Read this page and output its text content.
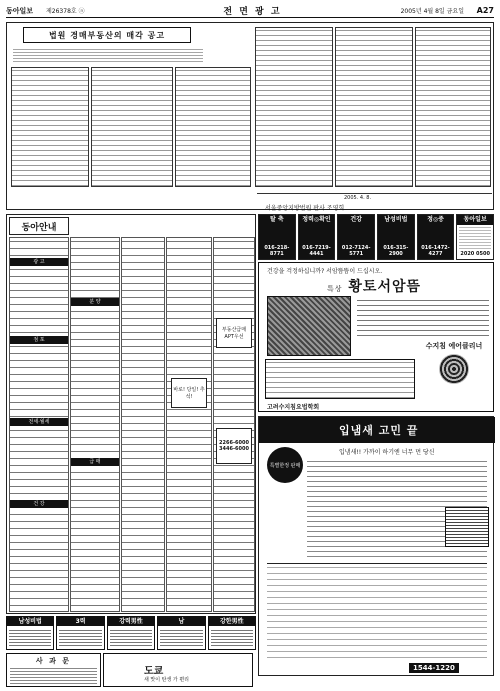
동아일보	제26378호 ⓐ	전 면 광 고	2005년 4월 8일 금요일	A27
법원 경매부동산의 매각 공고
2005. 4. 8.
서울중앙지방법원 판사 조영희
동아안내
광 고
점 포
전세·월세
건 강
분 양
급 매
바로! 당일! 추석!
부동산급매 APT우선
2266-6000 3446-6000
탈 축
016-218-8771
정력◎확인
016-7219-4441
건강
012-7124-5771
남성비법
016-315-2900
정◎중
016-1472-4277
동아일보
2020 0500
건강을 걱정하십니까? 서암뜸뜸이 드십시오.
특상 황토서암뜸
수지침 에어클리너
고려수지침요법학회
입냄새 고민 끝
특별한정 판매
입냄새!! 가까이 하기엔 너무 먼 당신
1544-1220
남성비법	3력	강력男性	남	강한男性
사 과 문
도쿄
새 맛이 탄생 가 편리
